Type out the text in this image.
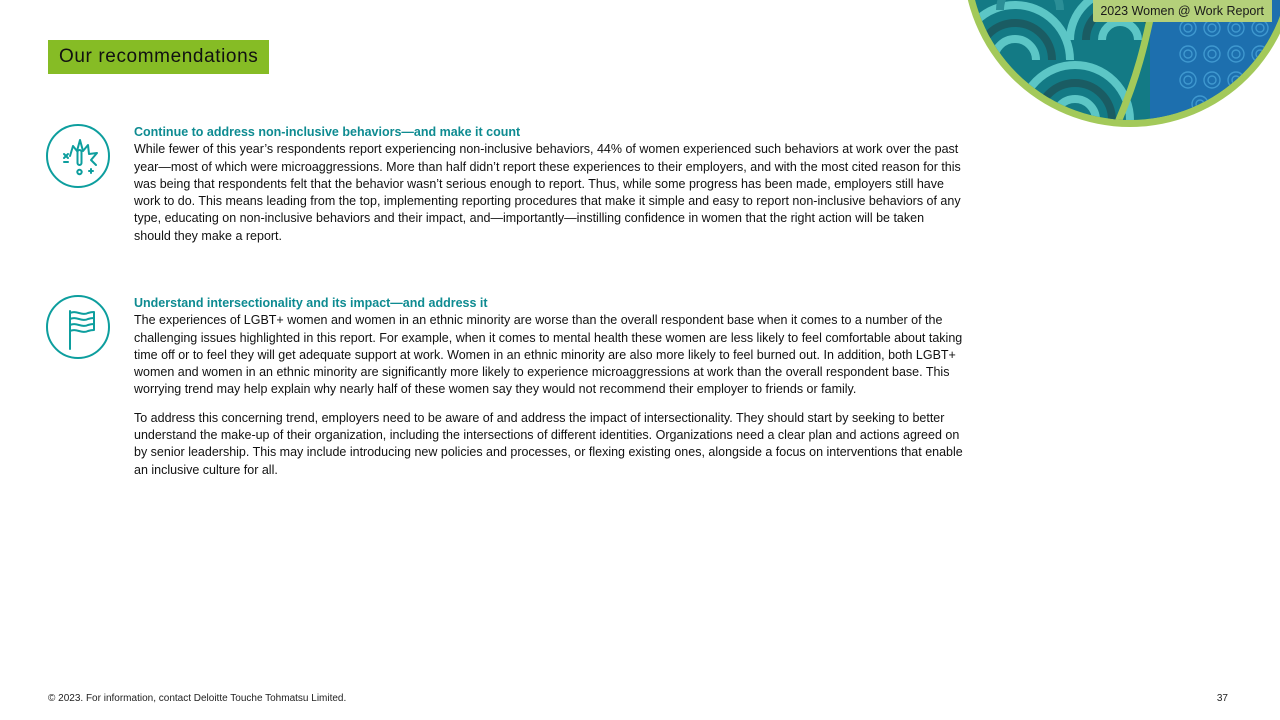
2023 Women @ Work Report
Our recommendations

Continue to address non-inclusive behaviors—and make it count

While fewer of this year’s respondents report experiencing non-inclusive behaviors, 44% of women experienced such behaviors at work over the past year—most of which were microaggressions. More than half didn’t report these experiences to their employers, and with the most cited reason for this was being that respondents felt that the behavior wasn’t serious enough to report. Thus, while some progress has been made, employers still have work to do. This means leading from the top, implementing reporting procedures that make it simple and easy to report non-inclusive behaviors of any type, educating on non-inclusive behaviors and their impact, and—importantly—instilling confidence in women that the right action will be taken should they make a report.

Understand intersectionality and its impact—and address it

The experiences of LGBT+ women and women in an ethnic minority are worse than the overall respondent base when it comes to a number of the challenging issues highlighted in this report. For example, when it comes to mental health these women are less likely to feel comfortable about taking time off or to feel they will get adequate support at work. Women in an ethnic minority are also more likely to feel burned out. In addition, both LGBT+ women and women in an ethnic minority are significantly more likely to experience microaggressions at work than the overall respondent base. This worrying trend may help explain why nearly half of these women say they would not recommend their employer to friends or family.

To address this concerning trend, employers need to be aware of and address the impact of intersectionality. They should start by seeking to better understand the make-up of their organization, including the intersections of different identities. Organizations need a clear plan and actions agreed on by senior leadership. This may include introducing new policies and processes, or flexing existing ones, alongside a focus on interventions that enable an inclusive culture for all.

© 2023. For information, contact Deloitte Touche Tohmatsu Limited.	37
